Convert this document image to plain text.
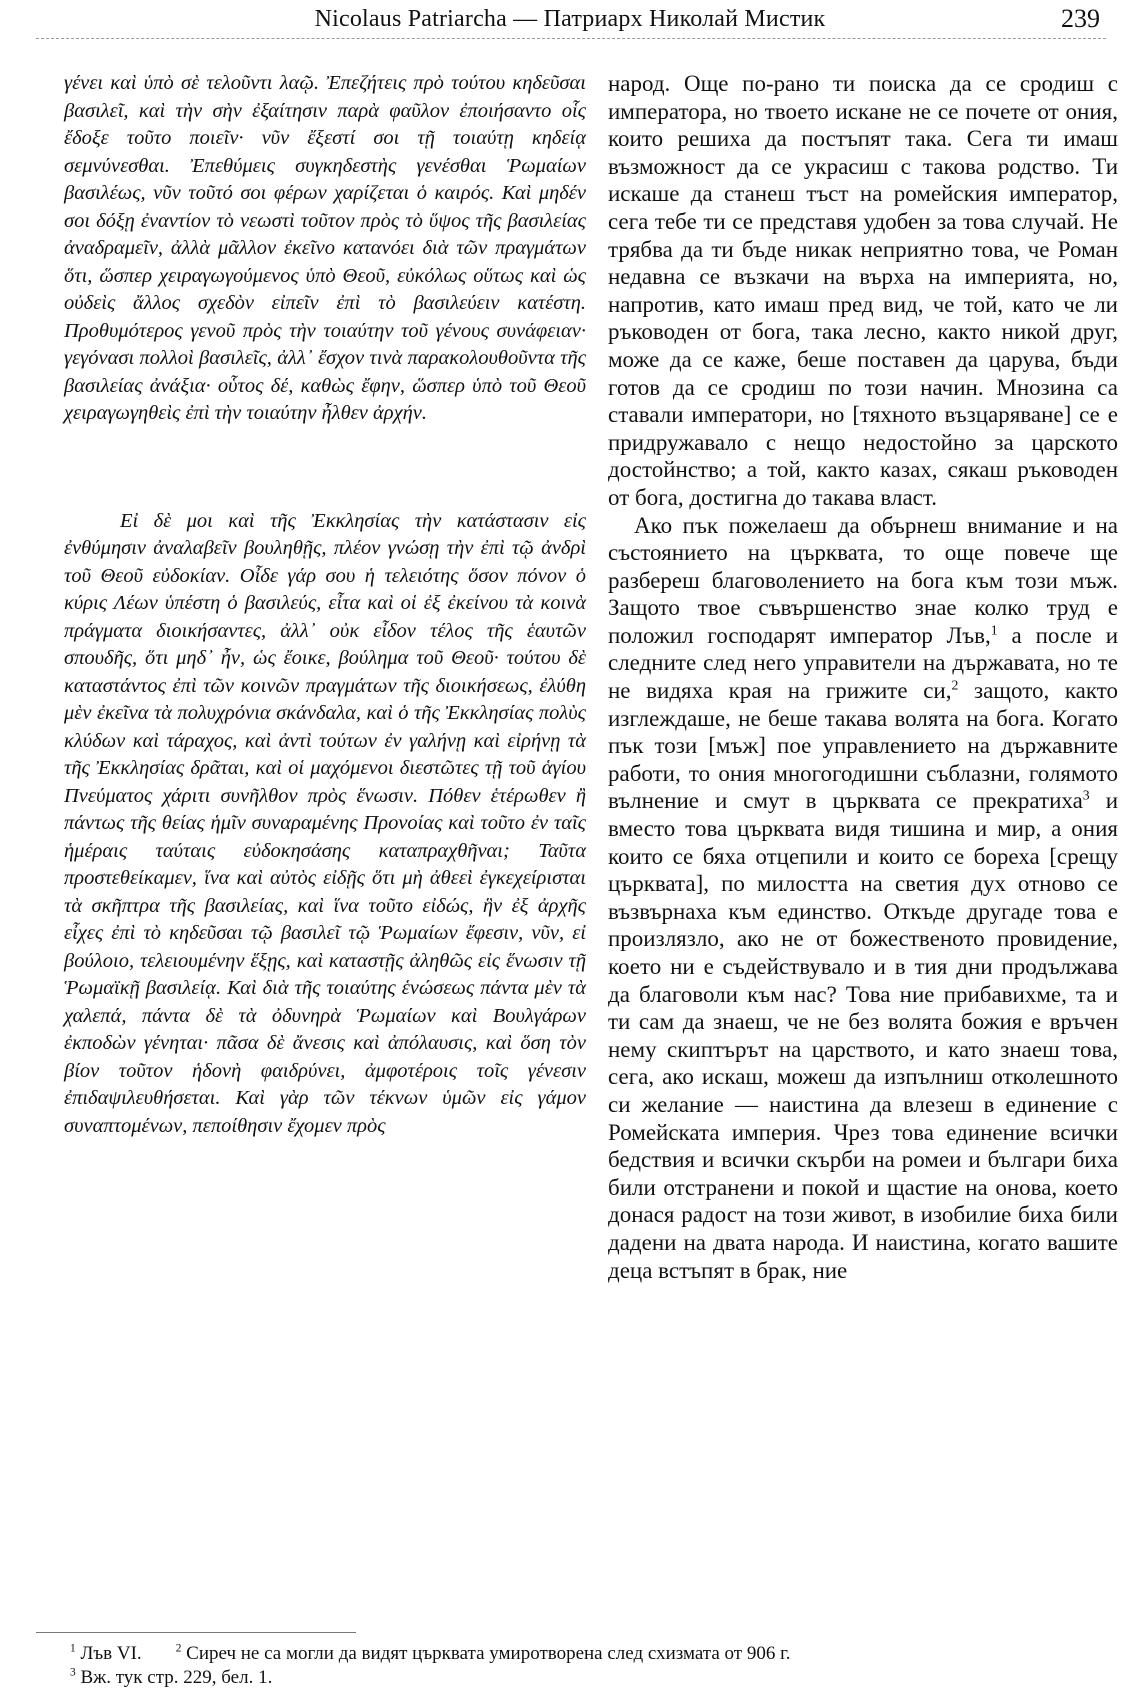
Nicolaus Patriarcha — Патриарх Николай Мистик	239

γένει καὶ ὑπὸ σὲ τελοῦντι λαῷ. Ἐπεζήτεις πρὸ τούτου κηδεῦσαι βασιλεῖ, καὶ τὴν σὴν ἐξαίτησιν παρὰ φαῦλον ἐποιήσαντο οἷς ἔδοξε τοῦτο ποιεῖν· νῦν ἔξεστί σοι τῇ τοιαύτῃ κηδείᾳ σεμνύνεσθαι. Ἐπεθύμεις συγκηδεστὴς γενέσθαι Ῥωμαίων βασιλέως, νῦν τοῦτό σοι φέρων χαρίζεται ὁ καιρός. Καὶ μηδέν σοι δόξῃ ἐναντίον τὸ νεωστὶ τοῦτον πρὸς τὸ ὕψος τῆς βασιλείας ἀναδραμεῖν, ἀλλὰ μᾶλλον ἐκεῖνο κατανόει διὰ τῶν πραγμάτων ὅτι, ὥσπερ χειραγωγούμενος ὑπὸ Θεοῦ, εὐκόλως οὕτως καὶ ὡς οὐδεὶς ἄλλος σχεδὸν εἰπεῖν ἐπὶ τὸ βασιλεύειν κατέστη. Προθυμότερος γενοῦ πρὸς τὴν τοιαύτην τοῦ γένους συνάφειαν· γεγόνασι πολλοὶ βασιλεῖς, ἀλλ᾽ ἔσχον τινὰ παρακολουθοῦντα τῆς βασιλείας ἀνάξια· οὗτος δέ, καθὼς ἔφην, ὥσπερ ὑπὸ τοῦ Θεοῦ χειραγωγηθεὶς ἐπὶ τὴν τοιαύτην ἦλθεν ἀρχήν.

Εἰ δὲ μοι καὶ τῆς Ἐκκλησίας τὴν κατάστασιν εἰς ἐνθύμησιν ἀναλαβεῖν βουληθῇς, πλέον γνώσῃ τὴν ἐπὶ τῷ ἀνδρὶ τοῦ Θεοῦ εὐδοκίαν. Οἶδε γάρ σου ἡ τελειότης ὅσον πόνον ὁ κύρις Λέων ὑπέστη ὁ βασιλεύς, εἶτα καὶ οἱ ἐξ ἐκείνου τὰ κοινὰ πράγματα διοικήσαντες, ἀλλ᾽ οὐκ εἶδον τέλος τῆς ἑαυτῶν σπουδῆς, ὅτι μηδ᾽ ἦν, ὡς ἔοικε, βούλημα τοῦ Θεοῦ· τούτου δὲ καταστάντος ἐπὶ τῶν κοινῶν πραγμάτων τῆς διοικήσεως, ἐλύθη μὲν ἐκεῖνα τὰ πολυχρόνια σκάνδαλα, καὶ ὁ τῆς Ἐκκλησίας πολὺς κλύδων καὶ τάραχος, καὶ ἀντὶ τούτων ἐν γαλήνῃ καὶ εἰρήνῃ τὰ τῆς Ἐκκλησίας δρᾶται, καὶ οἱ μαχόμενοι διεστῶτες τῇ τοῦ ἁγίου Πνεύματος χάριτι συνῆλθον πρὸς ἕνωσιν. Πόθεν ἑτέρωθεν ἢ πάντως τῆς θείας ἡμῖν συναραμένης Προνοίας καὶ τοῦτο ἐν ταῖς ἡμέραις ταύταις εὐδοκησάσης καταπραχθῆναι; Ταῦτα προστεθείκαμεν, ἵνα καὶ αὐτὸς εἰδῇς ὅτι μὴ ἀθεεὶ ἐγκεχείρισται τὰ σκῆπτρα τῆς βασιλείας, καὶ ἵνα τοῦτο εἰδώς, ἣν ἐξ ἀρχῆς εἶχες ἐπὶ τὸ κηδεῦσαι τῷ βασιλεῖ τῷ Ῥωμαίων ἔφεσιν, νῦν, εἰ βούλοιο, τελειουμένην ἕξῃς, καὶ καταστῇς ἀληθῶς εἰς ἕνωσιν τῇ Ῥωμαϊκῇ βασιλείᾳ. Καὶ διὰ τῆς τοιαύτης ἑνώσεως πάντα μὲν τὰ χαλεπά, πάντα δὲ τὰ ὀδυνηρὰ Ῥωμαίων καὶ Βουλγάρων ἐκποδὼν γένηται· πᾶσα δὲ ἄνεσις καὶ ἀπόλαυσις, καὶ ὅση τὸν βίον τοῦτον ἡδονὴ φαιδρύνει, ἀμφοτέροις τοῖς γένεσιν ἐπιδαψιλευθήσεται. Καὶ γὰρ τῶν τέκνων ὑμῶν εἰς γάμον συναπτομένων, πεποίθησιν ἔχομεν πρὸς

народ. Още по-рано ти поиска да се сродиш с императора, но твоето искане не се почете от ония, които решиха да постъпят така. Сега ти имаш възможност да се украсиш с такова родство. Ти искаше да станеш тъст на ромейския император, сега тебе ти се представя удобен за това случай. Не трябва да ти бъде никак неприятно това, че Роман недавна се възкачи на върха на империята, но, напротив, като имаш пред вид, че той, като че ли ръководен от бога, така лесно, както никой друг, може да се каже, беше поставен да царува, бъди готов да се сродиш по този начин. Мнозина са ставали императори, но [тяхното възцаряване] се е придружавало с нещо недостойно за царското достойнство; а той, както казах, сякаш ръководен от бога, достигна до такава власт.

Ако пък пожелаеш да обърнеш внимание и на състоянието на църквата, то още повече ще разбереш благоволението на бога към този мъж. Защото твое съвършенство знае колко труд е положил господарят император Лъв,$^1$ а после и следните след него управители на държавата, но те не видяха края на грижите си,$^2$ защото, както изглеждаше, не беше такава волята на бога. Когато пък този [мъж] пое управлението на държавните работи, то ония многогодишни съблазни, голямото вълнение и смут в църквата се прекратиха$^3$ и вместо това църквата видя тишина и мир, а ония които се бяха отцепили и които се бореха [срещу църквата], по милостта на светия дух отново се възвърнаха към единство. Откъде другаде това е произлязло, ако не от божественото провидение, което ни е съдействувало и в тия дни продължава да благоволи към нас? Това ние прибавихме, та и ти сам да знаеш, че не без волята божия е връчен нему скиптърът на царството, и като знаеш това, сега, ако искаш, можеш да изпълниш отколешното си желание — наистина да влезеш в единение с Ромейската империя. Чрез това единение всички бедствия и всички скърби на ромеи и българи биха били отстранени и покой и щастие на онова, което донася радост на този живот, в изобилие биха били дадени на двата народа. И наистина, когато вашите деца встъпят в брак, ние

$^1$ Лъв VI.	$^2$ Сиреч не са могли да видят църквата умиротворена след схизмата от 906 г.
$^3$ Вж. тук стр. 229, бел. 1.
